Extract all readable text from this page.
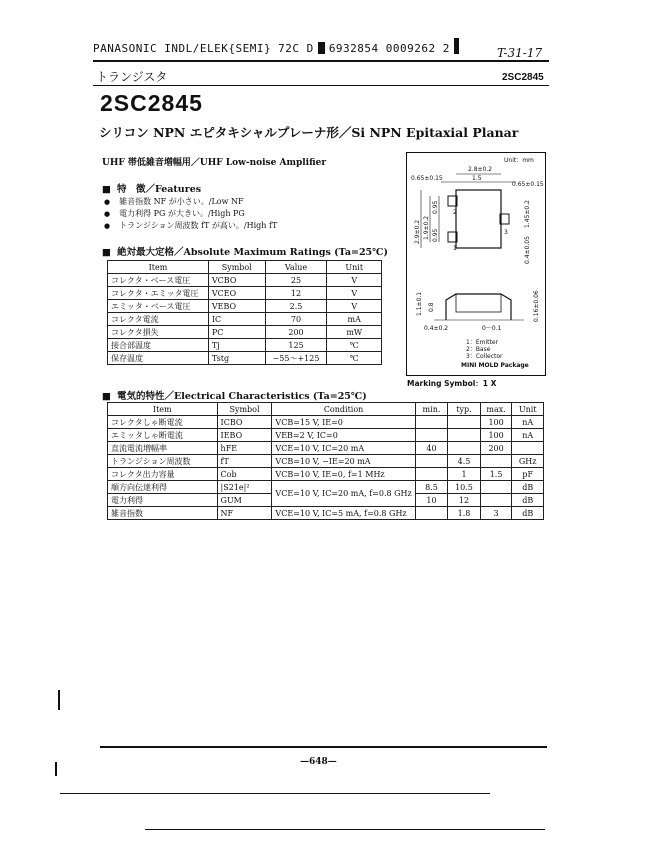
PANASONIC INDL/ELEK{SEMI} 72C D 6932854 0009262 2	T-31-17
トランジスタ	2SC2845
2SC2845
シリコン NPN エピタキシャルプレーナ形／Si NPN Epitaxial Planar
UHF 帯低雑音増幅用／UHF Low-noise Amplifier
■ 特　徴／Features
● 雑音指数 NF が小さい。/Low NF
● 電力利得 PG が大きい。/High PG
● トランジション周波数 fT が高い。/High fT
■ 絶対最大定格／Absolute Maximum Ratings (Ta=25℃)
Item	Symbol	Value	Unit
コレクタ・ベース電圧	VCBO	25	V
コレクタ・エミッタ電圧	VCEO	12	V
エミッタ・ベース電圧	VEBO	2.5	V
コレクタ電流	IC	70	mA
コレクタ損失	PC	200	mW
接合部温度	Tj	125	℃
保存温度	Tstg	−55～+125	℃
Unit：mm
2.8±0.2
1.5
0.65±0.15
0.65±0.15
2
1
3
2.9±0.2 1.9±0.2
0.95
0.95
1.45±0.2
0.4±0.05
1.1±0.1 0.8
0.4±0.2	0～0.1
0.16±0.06
1：Emitter
2：Base
3：Collector
MINI MOLD Package
Marking Symbol：1 X
■ 電気的特性／Electrical Characteristics (Ta=25℃)
Item	Symbol	Condition	min.	typ.	max.	Unit
コレクタしゃ断電流	ICBO	VCB=15 V, IE=0			100	nA
エミッタしゃ断電流	IEBO	VEB=2 V, IC=0			100	nA
直流電流増幅率	hFE	VCE=10 V, IC=20 mA	40		200	
トランジション周波数	fT	VCB=10 V, −IE=20 mA		4.5		GHz
コレクタ出力容量	Cob	VCB=10 V, IE=0, f=1 MHz		1	1.5	pF
順方向伝達利得	|S21e|²	VCE=10 V, IC=20 mA, f=0.8 GHz	8.5	10.5		dB
電力利得	GUM		10	12		dB
雑音指数	NF	VCE=10 V, IC=5 mA, f=0.8 GHz		1.8	3	dB
—648—
